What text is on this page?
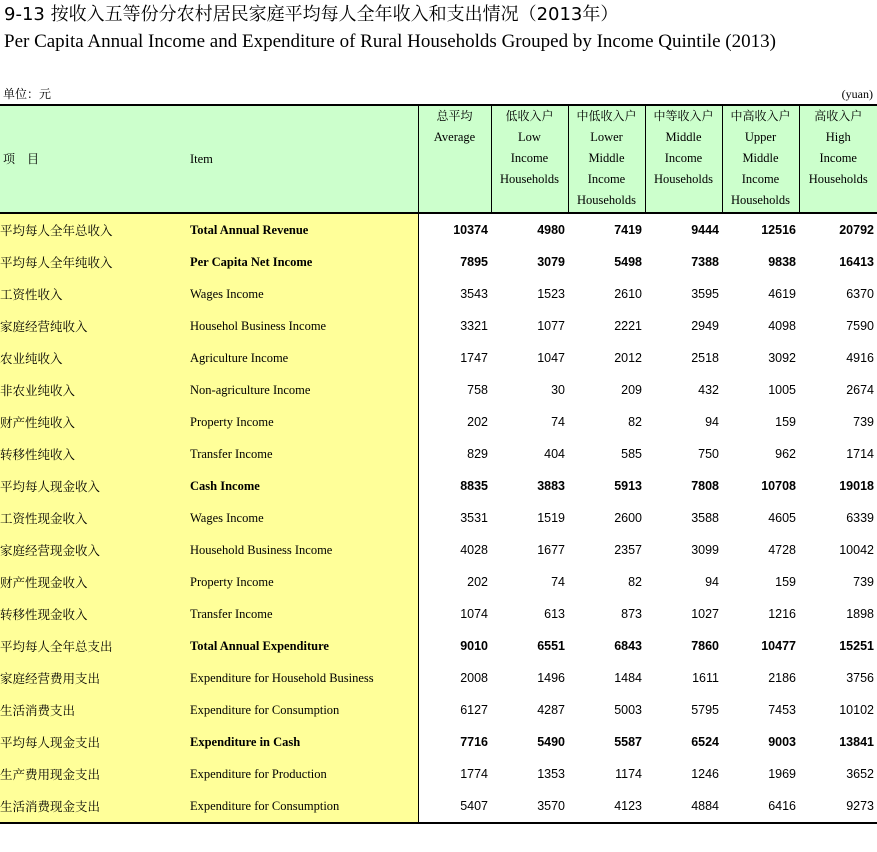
9-13 按收入五等份分农村居民家庭平均每人全年收入和支出情况（2013年）
Per Capita Annual Income and Expenditure of Rural Households Grouped by Income Quintile (2013)
单位：元	(yuan)
项　目	Item	总平均
Average	低收入户
Low
Income
Households	中低收入户
Lower
Middle
Income
Households	中等收入户
Middle
Income
Households	中高收入户
Upper
Middle
Income
Households	高收入户
High
Income
Households

平均每人全年总收入	Total Annual Revenue	10374	4980	7419	9444	12516	20792
平均每人全年纯收入	Per Capita Net Income	7895	3079	5498	7388	9838	16413
工资性收入	Wages Income	3543	1523	2610	3595	4619	6370
家庭经营纯收入	Househol Business Income	3321	1077	2221	2949	4098	7590
农业纯收入	Agriculture Income	1747	1047	2012	2518	3092	4916
非农业纯收入	Non-agriculture Income	758	30	209	432	1005	2674
财产性纯收入	Property Income	202	74	82	94	159	739
转移性纯收入	Transfer Income	829	404	585	750	962	1714
平均每人现金收入	Cash Income	8835	3883	5913	7808	10708	19018
工资性现金收入	Wages Income	3531	1519	2600	3588	4605	6339
家庭经营现金收入	Household Business Income	4028	1677	2357	3099	4728	10042
财产性现金收入	Property Income	202	74	82	94	159	739
转移性现金收入	Transfer Income	1074	613	873	1027	1216	1898
平均每人全年总支出	Total Annual Expenditure	9010	6551	6843	7860	10477	15251
家庭经营费用支出	Expenditure for Household Business	2008	1496	1484	1611	2186	3756
生活消费支出	Expenditure for Consumption	6127	4287	5003	5795	7453	10102
平均每人现金支出	Expenditure in Cash	7716	5490	5587	6524	9003	13841
生产费用现金支出	Expenditure for Production	1774	1353	1174	1246	1969	3652
生活消费现金支出	Expenditure for Consumption	5407	3570	4123	4884	6416	9273
